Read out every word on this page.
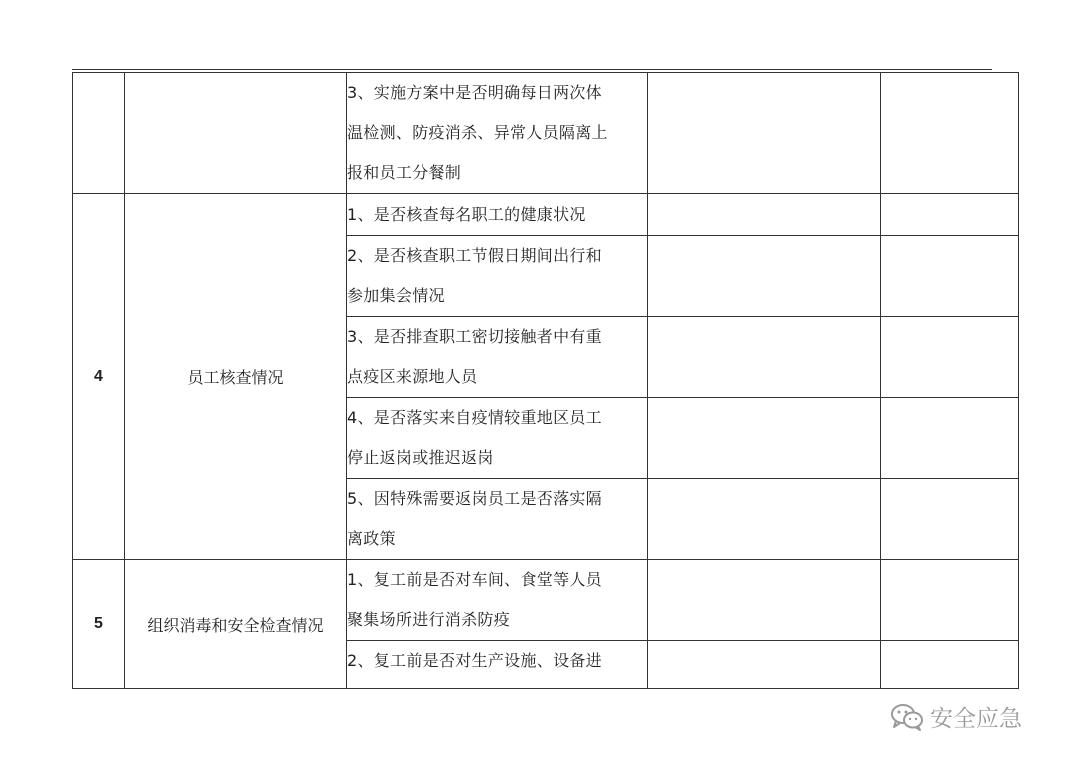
		3、实施方案中是否明确每日两次体
温检测、防疫消杀、异常人员隔离上
报和员工分餐制		

4	员工核查情况	1、是否核查每名职工的健康状况		

		2、是否核查职工节假日期间出行和
参加集会情况		

		3、是否排查职工密切接触者中有重
点疫区来源地人员		

		4、是否落实来自疫情较重地区员工
停止返岗或推迟返岗		

		5、因特殊需要返岗员工是否落实隔
离政策		

5	组织消毒和安全检查情况	1、复工前是否对车间、食堂等人员
聚集场所进行消杀防疫		

		2、复工前是否对生产设施、设备进		

安全应急
